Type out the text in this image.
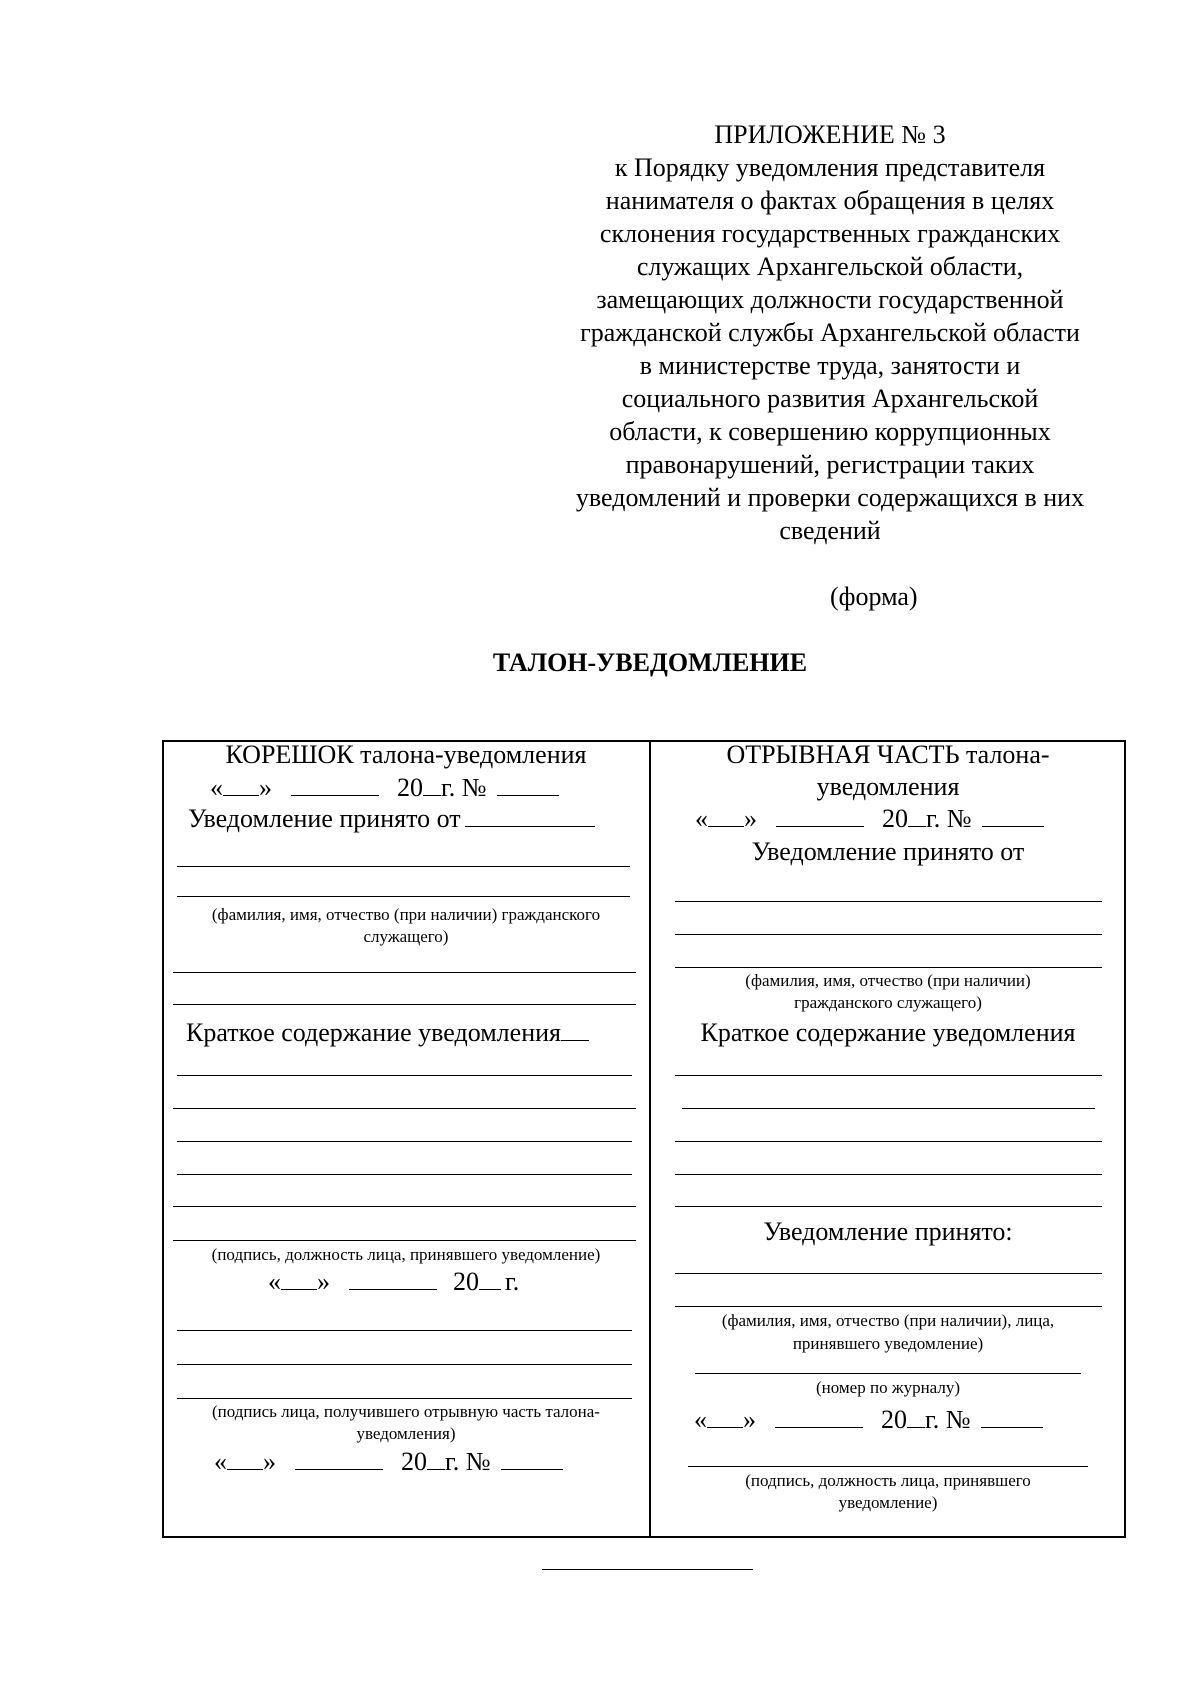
ПРИЛОЖЕНИЕ № 3
к Порядку уведомления представителя
нанимателя о фактах обращения в целях
склонения государственных гражданских
служащих Архангельской области,
замещающих должности государственной
гражданской службы Архангельской области
в министерстве труда, занятости и
социального развития Архангельской
области, к совершению коррупционных
правонарушений, регистрации таких
уведомлений и проверки содержащихся в них
сведений
(форма)
ТАЛОН-УВЕДОМЛЕНИЕ
КОРЕШОК талона-уведомления
« »	20 г. №
Уведомление принято от
(фамилия, имя, отчество (при наличии) гражданского
служащего)
Краткое содержание уведомления
(подпись, должность лица, принявшего уведомление)
« »	20 г.
(подпись лица, получившего отрывную часть талона-
уведомления)
« »	20 г. №
ОТРЫВНАЯ ЧАСТЬ талона-
уведомления
« »	20 г. №
Уведомление принято от
(фамилия, имя, отчество (при наличии)
гражданского служащего)
Краткое содержание уведомления
Уведомление принято:
(фамилия, имя, отчество (при наличии), лица,
принявшего уведомление)
(номер по журналу)
« »	20 г. №
(подпись, должность лица, принявшего
уведомление)
